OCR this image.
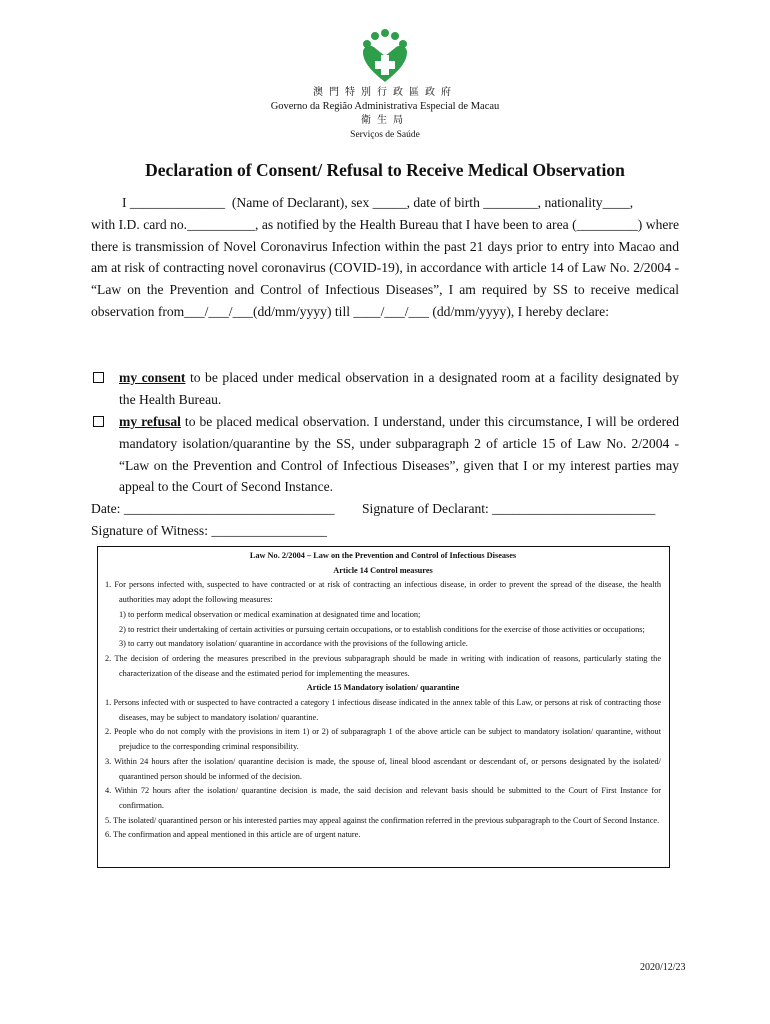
澳門特別行政區政府

Governo da Região Administrativa Especial de Macau

衛生局

Serviços de Saúde

Declaration of Consent/ Refusal to Receive Medical Observation
I ______________  (Name of Declarant), sex _____, date of birth ________, nationality____,
with I.D. card no.__________, as notified by the Health Bureau that I have been to area (_________) where there is transmission of Novel Coronavirus Infection within the past 21 days prior to entry into Macao and am at risk of contracting novel coronavirus (COVID-19), in accordance with article 14 of Law No. 2/2004 - “Law on the Prevention and Control of Infectious Diseases”, I am required by SS to receive medical observation from___/___/___(dd/mm/yyyy) till ____/___/___ (dd/mm/yyyy), I hereby declare:
my consent to be placed under medical observation in a designated room at a facility designated by the Health Bureau.
my refusal to be placed medical observation. I understand, under this circumstance, I will be ordered mandatory isolation/quarantine by the SS, under subparagraph 2 of article 15 of Law No. 2/2004 - “Law on the Prevention and Control of Infectious Diseases”, given that I or my interest parties may appeal to the Court of Second Instance.
Date: _______________________________ Signature of Declarant: ________________________
Signature of Witness: _________________

Law No. 2/2004 – Law on the Prevention and Control of Infectious Diseases

Article 14 Control measures

1. For persons infected with, suspected to have contracted or at risk of contracting an infectious disease, in order to prevent the spread of the disease, the health authorities may adopt the following measures:

1) to perform medical observation or medical examination at designated time and location;

2) to restrict their undertaking of certain activities or pursuing certain occupations, or to establish conditions for the exercise of those activities or occupations;

3) to carry out mandatory isolation/ quarantine in accordance with the provisions of the following article.

2. The decision of ordering the measures prescribed in the previous subparagraph should be made in writing with indication of reasons, particularly stating the characterization of the disease and the estimated period for implementing the measures.

Article 15 Mandatory isolation/ quarantine

1. Persons infected with or suspected to have contracted a category 1 infectious disease indicated in the annex table of this Law, or persons at risk of contracting those diseases, may be subject to mandatory isolation/ quarantine.

2. People who do not comply with the provisions in item 1) or 2) of subparagraph 1 of the above article can be subject to mandatory isolation/ quarantine, without prejudice to the corresponding criminal responsibility.

3. Within 24 hours after the isolation/ quarantine decision is made, the spouse of, lineal blood ascendant or descendant of, or persons designated by the isolated/ quarantined person should be informed of the decision.

4. Within 72 hours after the isolation/ quarantine decision is made, the said decision and relevant basis should be submitted to the Court of First Instance for confirmation.

5. The isolated/ quarantined person or his interested parties may appeal against the confirmation referred in the previous subparagraph to the Court of Second Instance.

6. The confirmation and appeal mentioned in this article are of urgent nature.

2020/12/23
